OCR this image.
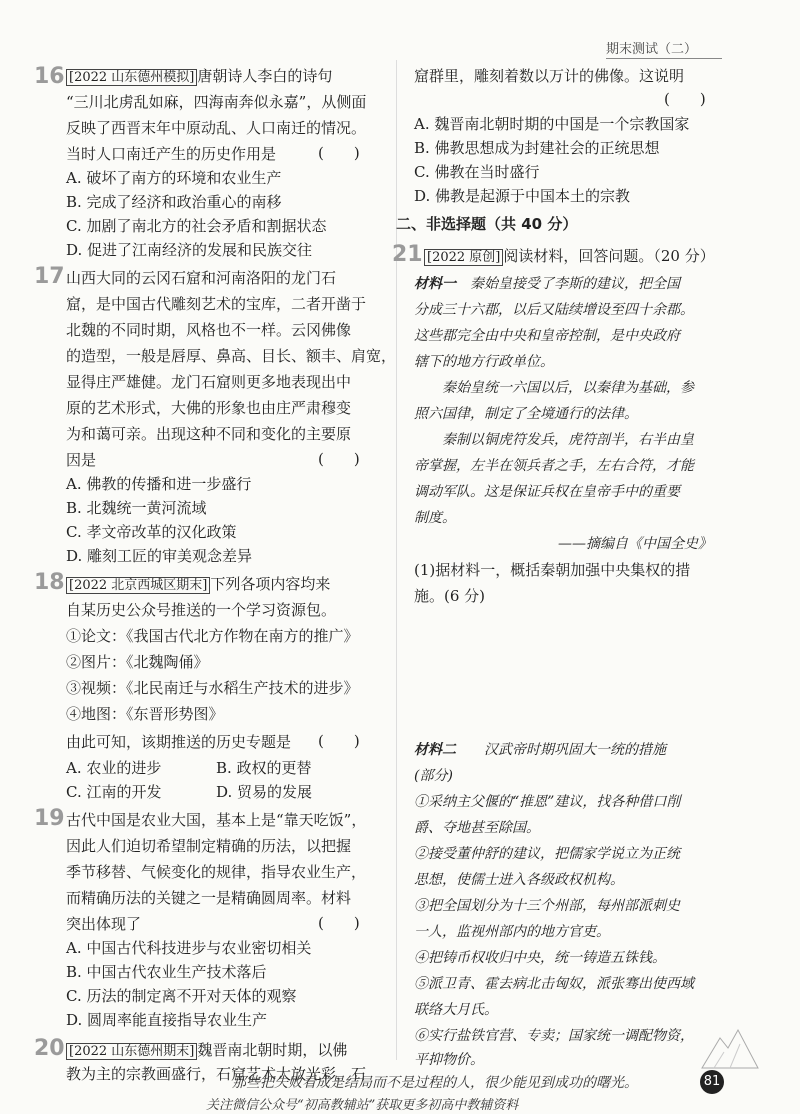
期末测试（二）
16 [2022 山东德州模拟] 唐朝诗人李白的诗句
“三川北虏乱如麻，四海南奔似永嘉”，从侧面
反映了西晋末年中原动乱、人口南迁的情况。
当时人口南迁产生的历史作用是	(　　)
A. 破坏了南方的环境和农业生产
B. 完成了经济和政治重心的南移
C. 加剧了南北方的社会矛盾和割据状态
D. 促进了江南经济的发展和民族交往
17 山西大同的云冈石窟和河南洛阳的龙门石
窟，是中国古代雕刻艺术的宝库，二者开凿于
北魏的不同时期，风格也不一样。云冈佛像
的造型，一般是唇厚、鼻高、目长、额丰、肩宽，
显得庄严雄健。龙门石窟则更多地表现出中
原的艺术形式，大佛的形象也由庄严肃穆变
为和蔼可亲。出现这种不同和变化的主要原
因是	(　　)
A. 佛教的传播和进一步盛行
B. 北魏统一黄河流域
C. 孝文帝改革的汉化政策
D. 雕刻工匠的审美观念差异
18 [2022 北京西城区期末] 下列各项内容均来
自某历史公众号推送的一个学习资源包。
①论文：《我国古代北方作物在南方的推广》
②图片：《北魏陶俑》
③视频：《北民南迁与水稻生产技术的进步》
④地图：《东晋形势图》
由此可知，该期推送的历史专题是 (　　)
A. 农业的进步	B. 政权的更替
C. 江南的开发	D. 贸易的发展
19 古代中国是农业大国，基本上是“靠天吃饭”，
因此人们迫切希望制定精确的历法，以把握
季节移替、气候变化的规律，指导农业生产，
而精确历法的关键之一是精确圆周率。材料
突出体现了	(　　)
A. 中国古代科技进步与农业密切相关
B. 中国古代农业生产技术落后
C. 历法的制定离不开对天体的观察
D. 圆周率能直接指导农业生产
20 [2022 山东德州期末] 魏晋南北朝时期，以佛
教为主的宗教画盛行，石窟艺术大放光彩，石
窟群里，雕刻着数以万计的佛像。这说明
(　　)
A. 魏晋南北朝时期的中国是一个宗教国家
B. 佛教思想成为封建社会的正统思想
C. 佛教在当时盛行
D. 佛教是起源于中国本土的宗教
二、非选择题（共 40 分）
21 [2022 原创] 阅读材料，回答问题。（20 分）
材料一　 秦始皇接受了李斯的建议，把全国
分成三十六郡，以后又陆续增设至四十余郡。
这些郡完全由中央和皇帝控制，是中央政府
辖下的地方行政单位。
秦始皇统一六国以后，以秦律为基础，参
照六国律，制定了全境通行的法律。
秦制以铜虎符发兵，虎符剖半，右半由皇
帝掌握，左半在领兵者之手，左右合符，才能
调动军队。这是保证兵权在皇帝手中的重要
制度。
——摘编自《中国全史》
(1)据材料一，概括秦朝加强中央集权的措
施。(6 分)
材料二　　 汉武帝时期巩固大一统的措施
(部分)
①采纳主父偃的“推恩”建议，找各种借口削
爵、夺地甚至除国。
②接受董仲舒的建议，把儒家学说立为正统
思想，使儒士进入各级政权机构。
③把全国划分为十三个州部，每州部派刺史
一人，监视州部内的地方官吏。
④把铸币权收归中央，统一铸造五铢钱。
⑤派卫青、霍去病北击匈奴，派张骞出使西域
联络大月氏。
⑥实行盐铁官营、专卖；国家统一调配物资，
平抑物价。
那些把失败看成是结局而不是过程的人，很少能见到成功的曙光。	81
关注微信公众号“初高教辅站”获取更多初高中教辅资料
